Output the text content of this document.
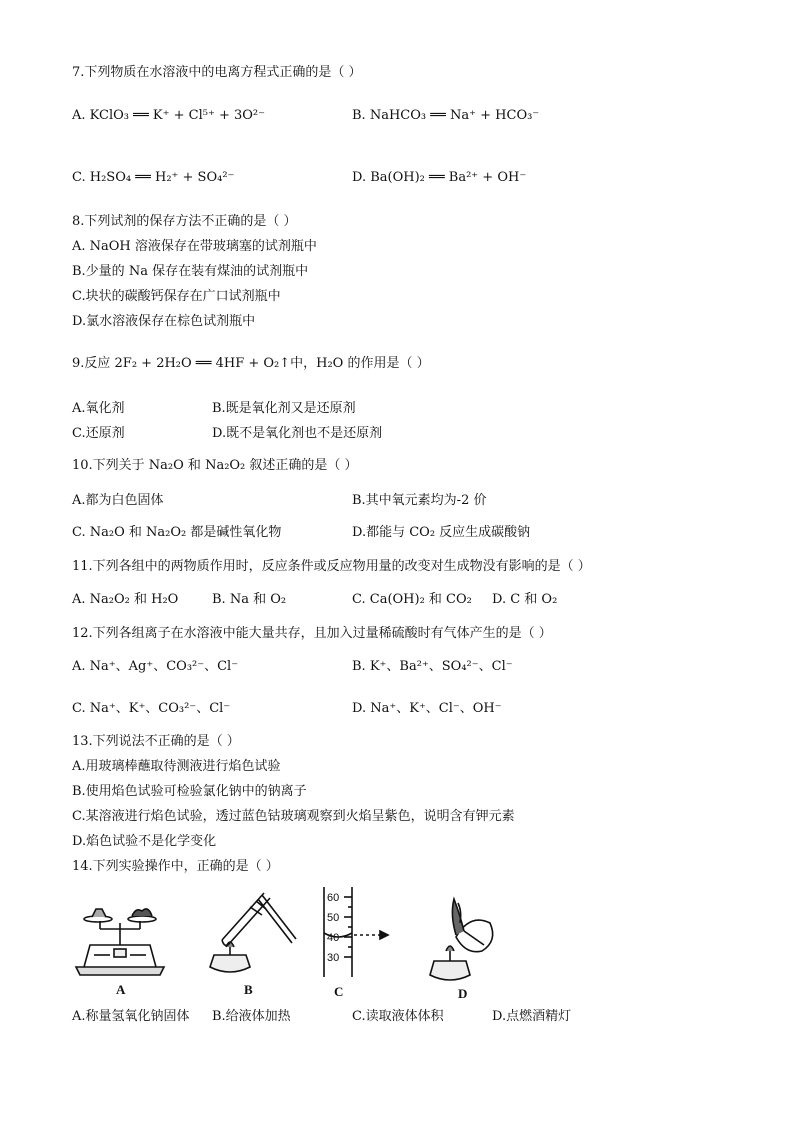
7.下列物质在水溶液中的电离方程式正确的是（ ）
A. KClO₃ ══ K⁺ + Cl⁵⁺ + 3O²⁻	B. NaHCO₃ ══ Na⁺ + HCO₃⁻
C. H₂SO₄ ══ H₂⁺ + SO₄²⁻	D. Ba(OH)₂ ══ Ba²⁺ + OH⁻
8.下列试剂的保存方法不正确的是（ ）
A. NaOH 溶液保存在带玻璃塞的试剂瓶中
B.少量的 Na 保存在装有煤油的试剂瓶中
C.块状的碳酸钙保存在广口试剂瓶中
D.氯水溶液保存在棕色试剂瓶中
9.反应 2F₂ + 2H₂O ══ 4HF + O₂↑中，H₂O 的作用是（ ）
A.氧化剂	B.既是氧化剂又是还原剂
C.还原剂	D.既不是氧化剂也不是还原剂
10.下列关于 Na₂O 和 Na₂O₂ 叙述正确的是（ ）
A.都为白色固体	B.其中氧元素均为-2 价
C. Na₂O 和 Na₂O₂ 都是碱性氧化物	D.都能与 CO₂ 反应生成碳酸钠
11.下列各组中的两物质作用时，反应条件或反应物用量的改变对生成物没有影响的是（ ）
A. Na₂O₂ 和 H₂O	B. Na 和 O₂	C. Ca(OH)₂ 和 CO₂ D. C 和 O₂
12.下列各组离子在水溶液中能大量共存，且加入过量稀硫酸时有气体产生的是（ ）
A. Na⁺、Ag⁺、CO₃²⁻、Cl⁻	B. K⁺、Ba²⁺、SO₄²⁻、Cl⁻
C. Na⁺、K⁺、CO₃²⁻、Cl⁻	D. Na⁺、K⁺、Cl⁻、OH⁻
13.下列说法不正确的是（ ）
A.用玻璃棒蘸取待测液进行焰色试验
B.使用焰色试验可检验氯化钠中的钠离子
C.某溶液进行焰色试验，透过蓝色钴玻璃观察到火焰呈紫色，说明含有钾元素
D.焰色试验不是化学变化
14.下列实验操作中，正确的是（ ）
A	B
60
50
40
30
C	D
A.称量氢氧化钠固体 B.给液体加热	C.读取液体体积	D.点燃酒精灯
